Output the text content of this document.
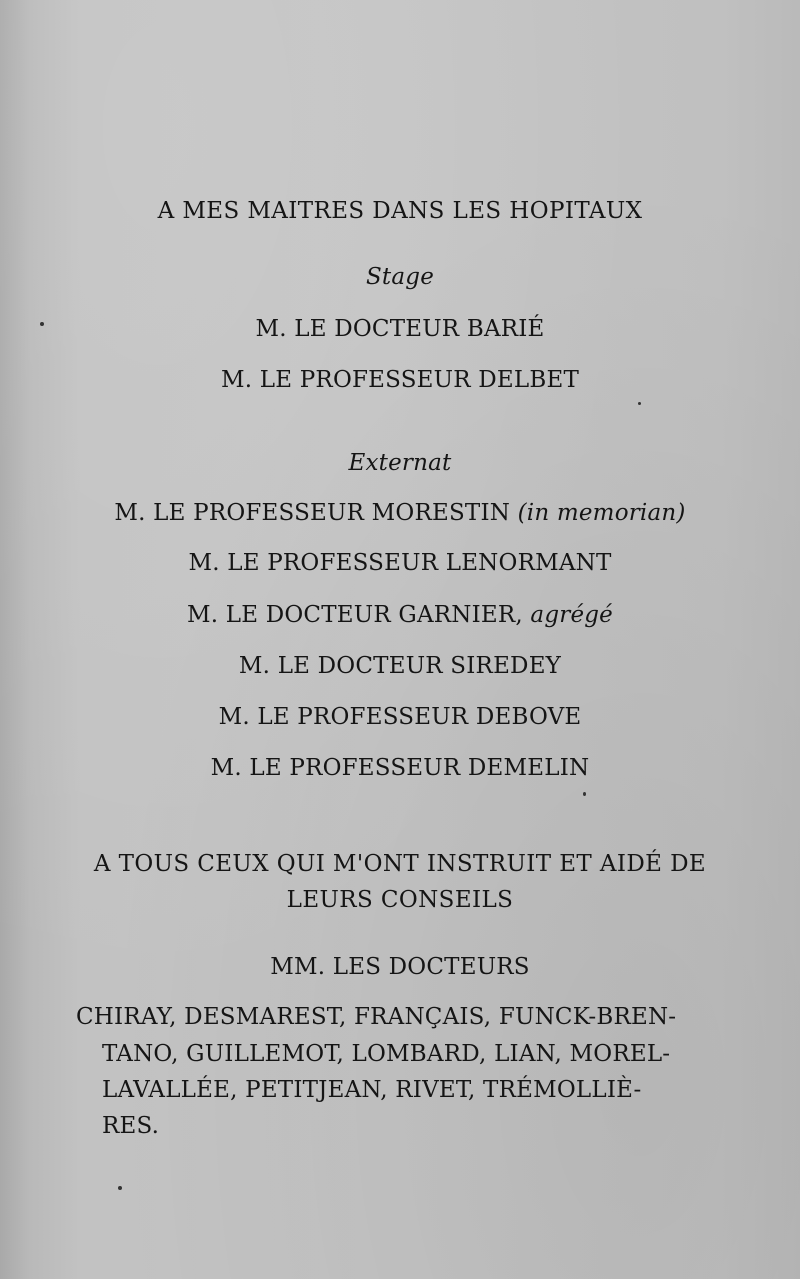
A MES MAITRES DANS LES HOPITAUX
Stage
M. LE DOCTEUR BARIÉ
M. LE PROFESSEUR DELBET
Externat
M. LE PROFESSEUR MORESTIN (in memorian)
M. LE PROFESSEUR LENORMANT
M. LE DOCTEUR GARNIER, agrégé
M. LE DOCTEUR SIREDEY
M. LE PROFESSEUR DEBOVE
M. LE PROFESSEUR DEMELIN
A TOUS CEUX QUI M'ONT INSTRUIT ET AIDÉ DE
LEURS CONSEILS
MM. LES DOCTEURS
CHIRAY, DESMAREST, FRANÇAIS, FUNCK-BREN-
TANO, GUILLEMOT, LOMBARD, LIAN, MOREL-
LAVALLÉE, PETITJEAN, RIVET, TRÉMOLLIÈ-
RES.
